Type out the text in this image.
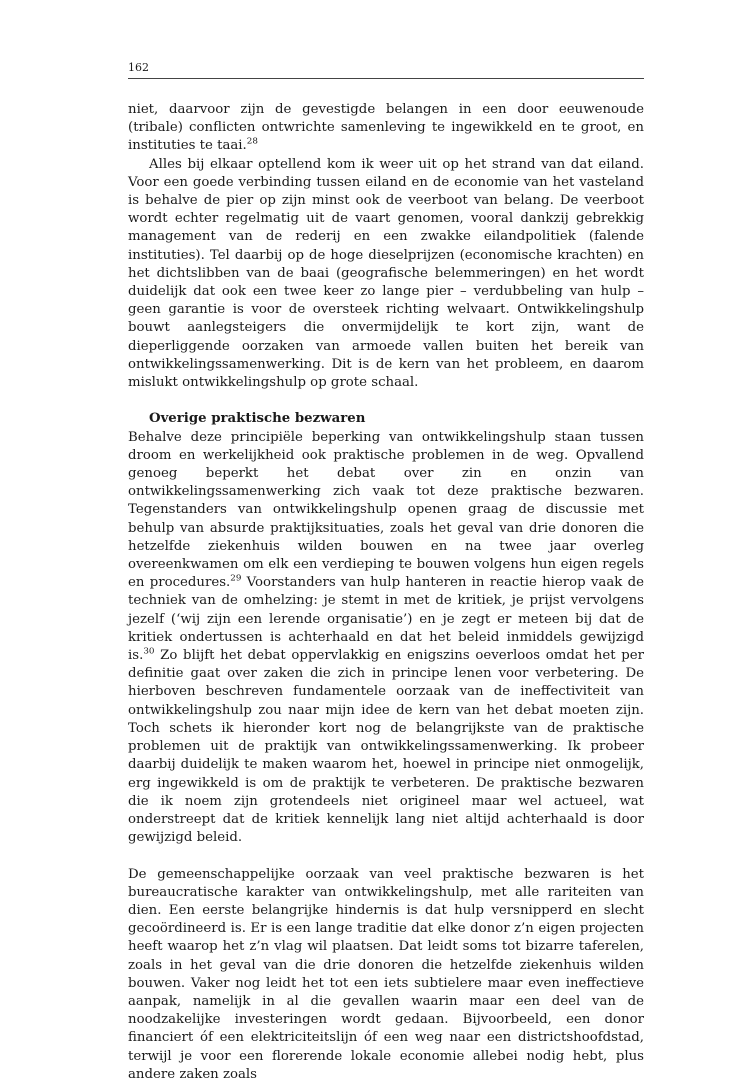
162

niet, daarvoor zijn de gevestigde belangen in een door eeuwenoude (tribale) conflicten ontwrichte samenleving te ingewikkeld en te groot, en instituties te taai.$^{28}$

Alles bij elkaar optellend kom ik weer uit op het strand van dat eiland. Voor een goede verbinding tussen eiland en de economie van het vasteland is behalve de pier op zijn minst ook de veerboot van belang. De veerboot wordt echter regelmatig uit de vaart genomen, vooral dankzij gebrekkig management van de rederij en een zwakke eilandpolitiek (falende instituties). Tel daarbij op de hoge dieselprijzen (economische krachten) en het dichtslibben van de baai (geografische belemmeringen) en het wordt duidelijk dat ook een twee keer zo lange pier – verdubbeling van hulp – geen garantie is voor de oversteek richting welvaart. Ontwikkelingshulp bouwt aanlegsteigers die onvermijdelijk te kort zijn, want de dieperliggende oorzaken van armoede vallen buiten het bereik van ontwikkelingssamenwerking. Dit is de kern van het probleem, en daarom mislukt ontwikkelingshulp op grote schaal.

Overige praktische bezwaren

Behalve deze principiële beperking van ontwikkelingshulp staan tussen droom en werkelijkheid ook praktische problemen in de weg. Opvallend genoeg beperkt het debat over zin en onzin van ontwikkelingssamenwerking zich vaak tot deze praktische bezwaren. Tegenstanders van ontwikkelingshulp openen graag de discussie met behulp van absurde praktijksituaties, zoals het geval van drie donoren die hetzelfde ziekenhuis wilden bouwen en na twee jaar overleg overeenkwamen om elk een verdieping te bouwen volgens hun eigen regels en procedures.$^{29}$ Voorstanders van hulp hanteren in reactie hierop vaak de techniek van de omhelzing: je stemt in met de kritiek, je prijst vervolgens jezelf (‘wij zijn een lerende organisatie’) en je zegt er meteen bij dat de kritiek ondertussen is achterhaald en dat het beleid inmiddels gewijzigd is.$^{30}$ Zo blijft het debat oppervlakkig en enigszins oeverloos omdat het per definitie gaat over zaken die zich in principe lenen voor verbetering. De hierboven beschreven fundamentele oorzaak van de ineffectiviteit van ontwikkelingshulp zou naar mijn idee de kern van het debat moeten zijn. Toch schets ik hieronder kort nog de belangrijkste van de praktische problemen uit de praktijk van ontwikkelingssamenwerking. Ik probeer daarbij duidelijk te maken waarom het, hoewel in principe niet onmogelijk, erg ingewikkeld is om de praktijk te verbeteren. De praktische bezwaren die ik noem zijn grotendeels niet origineel maar wel actueel, wat onderstreept dat de kritiek kennelijk lang niet altijd achterhaald is door gewijzigd beleid.

De gemeenschappelijke oorzaak van veel praktische bezwaren is het bureaucratische karakter van ontwikkelingshulp, met alle rariteiten van dien. Een eerste belangrijke hindernis is dat hulp versnipperd en slecht gecoördineerd is. Er is een lange traditie dat elke donor z’n eigen projecten heeft waarop het z’n vlag wil plaatsen. Dat leidt soms tot bizarre taferelen, zoals in het geval van die drie donoren die hetzelfde ziekenhuis wilden bouwen. Vaker nog leidt het tot een iets subtielere maar even ineffectieve aanpak, namelijk in al die gevallen waarin maar een deel van de noodzakelijke investeringen wordt gedaan. Bijvoorbeeld, een donor financiert óf een elektriciteitslijn óf een weg naar een districtshoofdstad, terwijl je voor een florerende lokale economie allebei nodig hebt, plus andere zaken zoals
